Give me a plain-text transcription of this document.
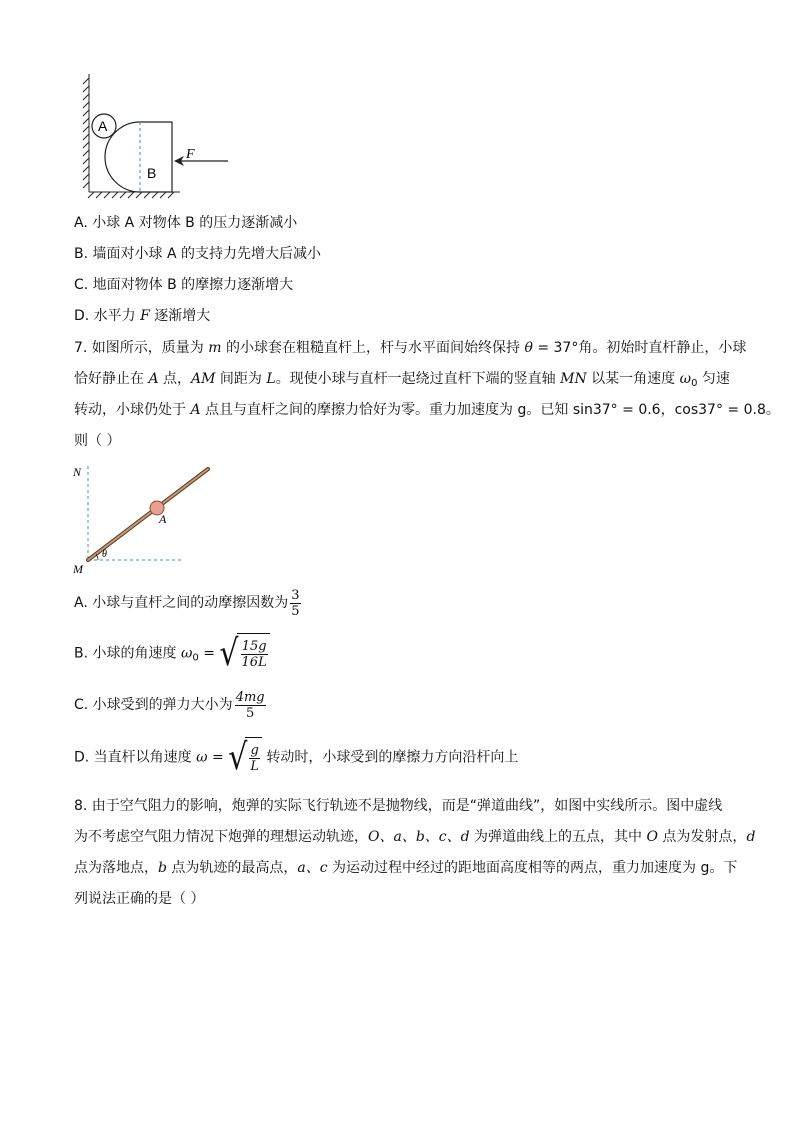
A
B
F
A. 小球 A 对物体 B 的压力逐渐减小
B. 墙面对小球 A 的支持力先增大后减小
C. 地面对物体 B 的摩擦力逐渐增大
D. 水平力 F 逐渐增大
7. 如图所示，质量为 m 的小球套在粗糙直杆上，杆与水平面间始终保持 θ = 37°角。初始时直杆静止，小球
恰好静止在 A 点，AM 间距为 L。现使小球与直杆一起绕过直杆下端的竖直轴 MN 以某一角速度 $\omega_0$ 匀速
转动，小球仍处于 A 点且与直杆之间的摩擦力恰好为零。重力加速度为 g。已知 sin37° = 0.6，cos37° = 0.8。
则（ ）
N
M
A
θ
A. 小球与直杆之间的动摩擦因数为 $\frac{3}{5}$
B. 小球的角速度 $\omega_0$ = √ $\frac{15g}{16L}$
C. 小球受到的弹力大小为 $\frac{4mg}{5}$
D. 当直杆以角速度 ω = √ $\frac{g}{L}$ 转动时，小球受到的摩擦力方向沿杆向上
8. 由于空气阻力的影响，炮弹的实际飞行轨迹不是抛物线，而是“弹道曲线”，如图中实线所示。图中虚线
为不考虑空气阻力情况下炮弹的理想运动轨迹，O、a、b、c、d 为弹道曲线上的五点，其中 O 点为发射点，d
点为落地点，b 点为轨迹的最高点，a、c 为运动过程中经过的距地面高度相等的两点，重力加速度为 g。下
列说法正确的是（ ）
